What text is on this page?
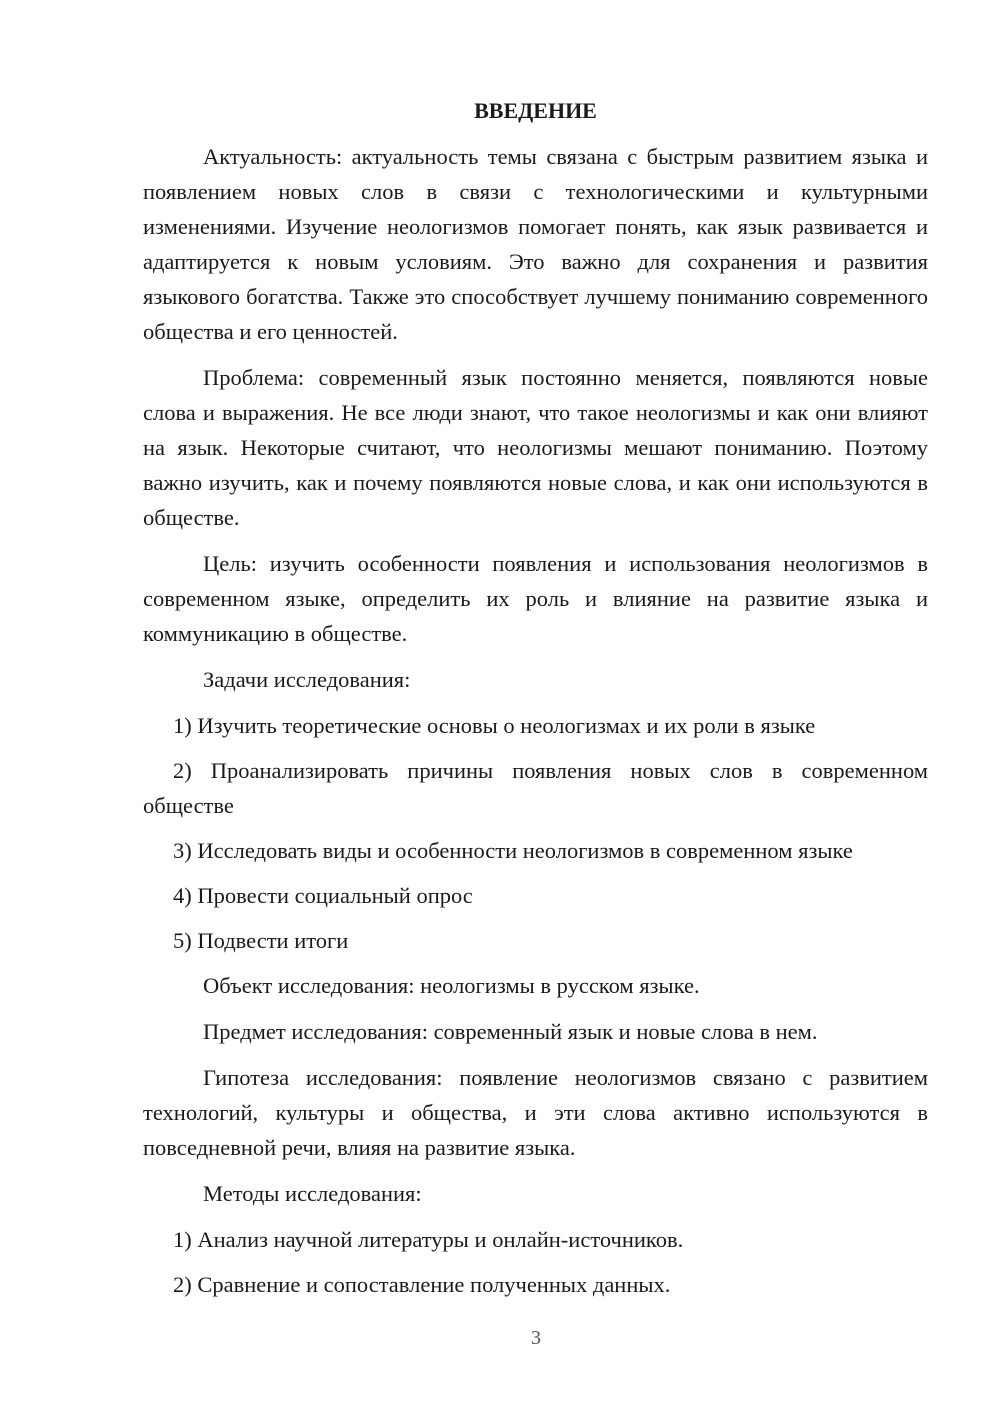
ВВЕДЕНИЕ

Актуальность: актуальность темы связана с быстрым развитием языка и появлением новых слов в связи с технологическими и культурными изменениями. Изучение неологизмов помогает понять, как язык развивается и адаптируется к новым условиям. Это важно для сохранения и развития языкового богатства. Также это способствует лучшему пониманию современного общества и его ценностей.

Проблема: современный язык постоянно меняется, появляются новые слова и выражения. Не все люди знают, что такое неологизмы и как они влияют на язык. Некоторые считают, что неологизмы мешают пониманию. Поэтому важно изучить, как и почему появляются новые слова, и как они используются в обществе.

Цель: изучить особенности появления и использования неологизмов в современном языке, определить их роль и влияние на развитие языка и коммуникацию в обществе.

Задачи исследования:

1) Изучить теоретические основы о неологизмах и их роли в языке

2) Проанализировать причины появления новых слов в современном обществе

3) Исследовать виды и особенности неологизмов в современном языке

4) Провести социальный опрос

5) Подвести итоги

Объект исследования: неологизмы в русском языке.

Предмет исследования: современный язык и новые слова в нем.

Гипотеза исследования: появление неологизмов связано с развитием технологий, культуры и общества, и эти слова активно используются в повседневной речи, влияя на развитие языка.

Методы исследования:

1) Анализ научной литературы и онлайн-источников.

2) Сравнение и сопоставление полученных данных.

3
